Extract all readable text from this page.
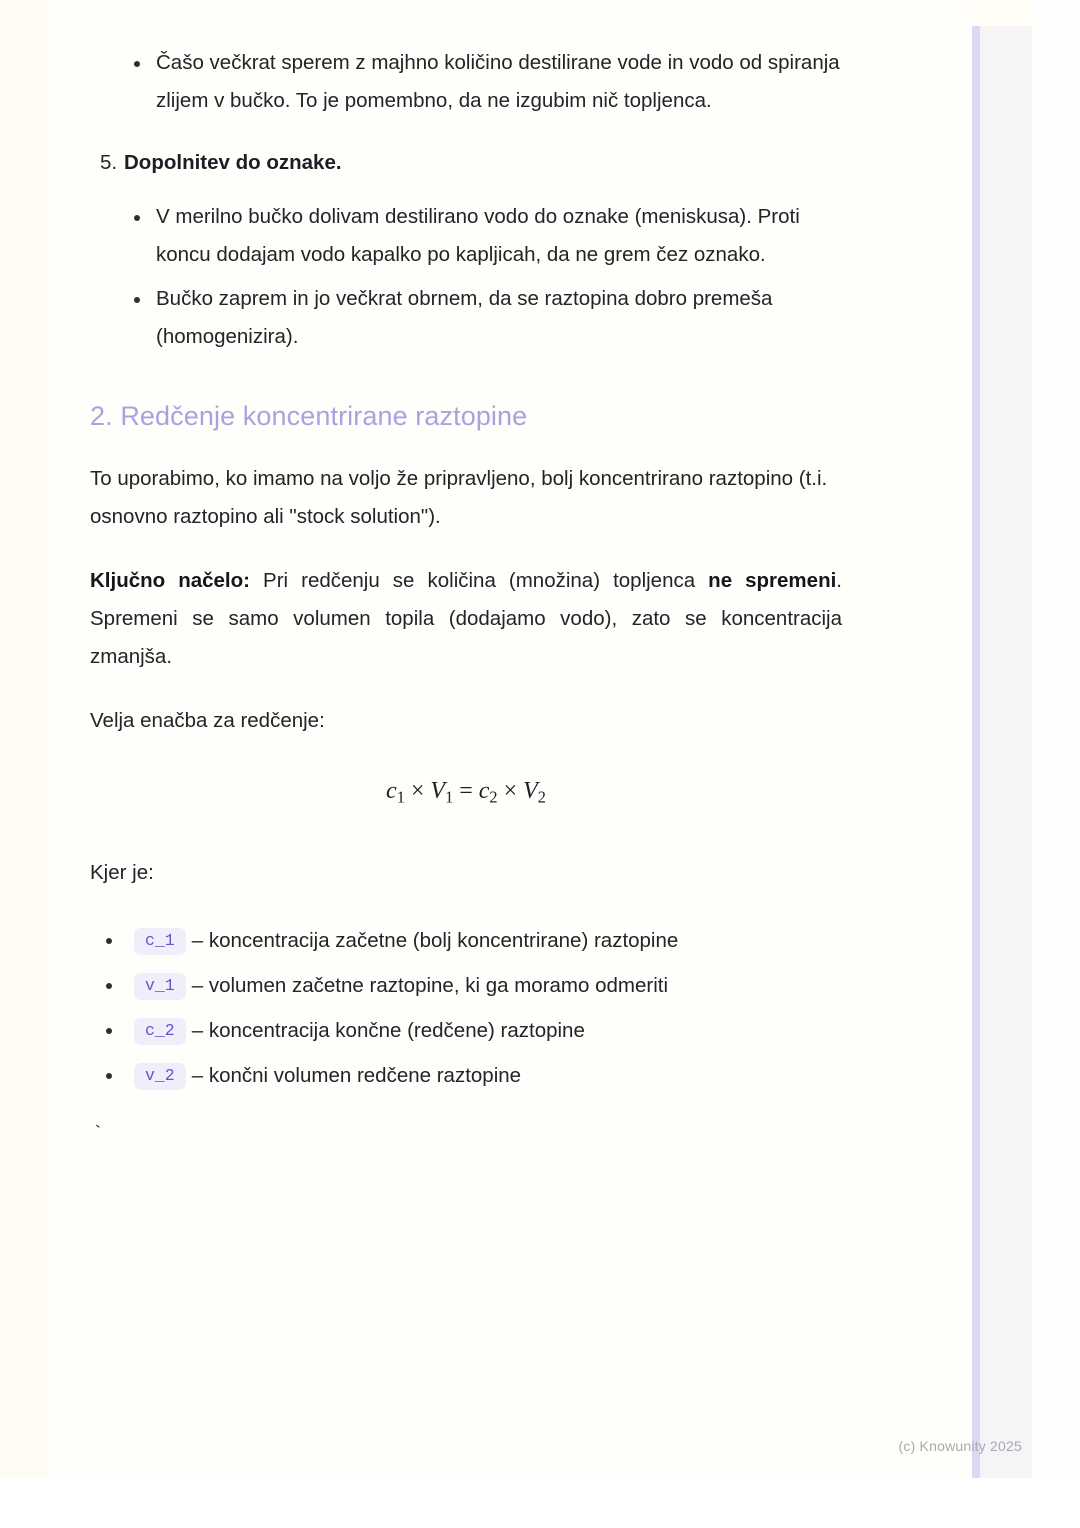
Čašo večkrat sperem z majhno količino destilirane vode in vodo od spiranja zlijem v bučko. To je pomembno, da ne izgubim nič topljenca.
5. Dopolnitev do oznake.
V merilno bučko dolivam destilirano vodo do oznake (meniskusa). Proti koncu dodajam vodo kapalko po kapljicah, da ne grem čez oznako.
Bučko zaprem in jo večkrat obrnem, da se raztopina dobro premeša (homogenizira).
2. Redčenje koncentrirane raztopine

To uporabimo, ko imamo na voljo že pripravljeno, bolj koncentrirano raztopino (t.i. osnovno raztopino ali "stock solution").

Ključno načelo: Pri redčenju se količina (množina) topljenca ne spremeni. Spremeni se samo volumen topila (dodajamo vodo), zato se koncentracija zmanjša.

Velja enačba za redčenje:

$c_1 \times V_1 = c_2 \times V_2$

Kjer je:

c_1 – koncentracija začetne (bolj koncentrirane) raztopine
v_1 – volumen začetne raztopine, ki ga moramo odmeriti
c_2 – koncentracija končne (redčene) raztopine
v_2 – končni volumen redčene raztopine
`
(c) Knowunity 2025
